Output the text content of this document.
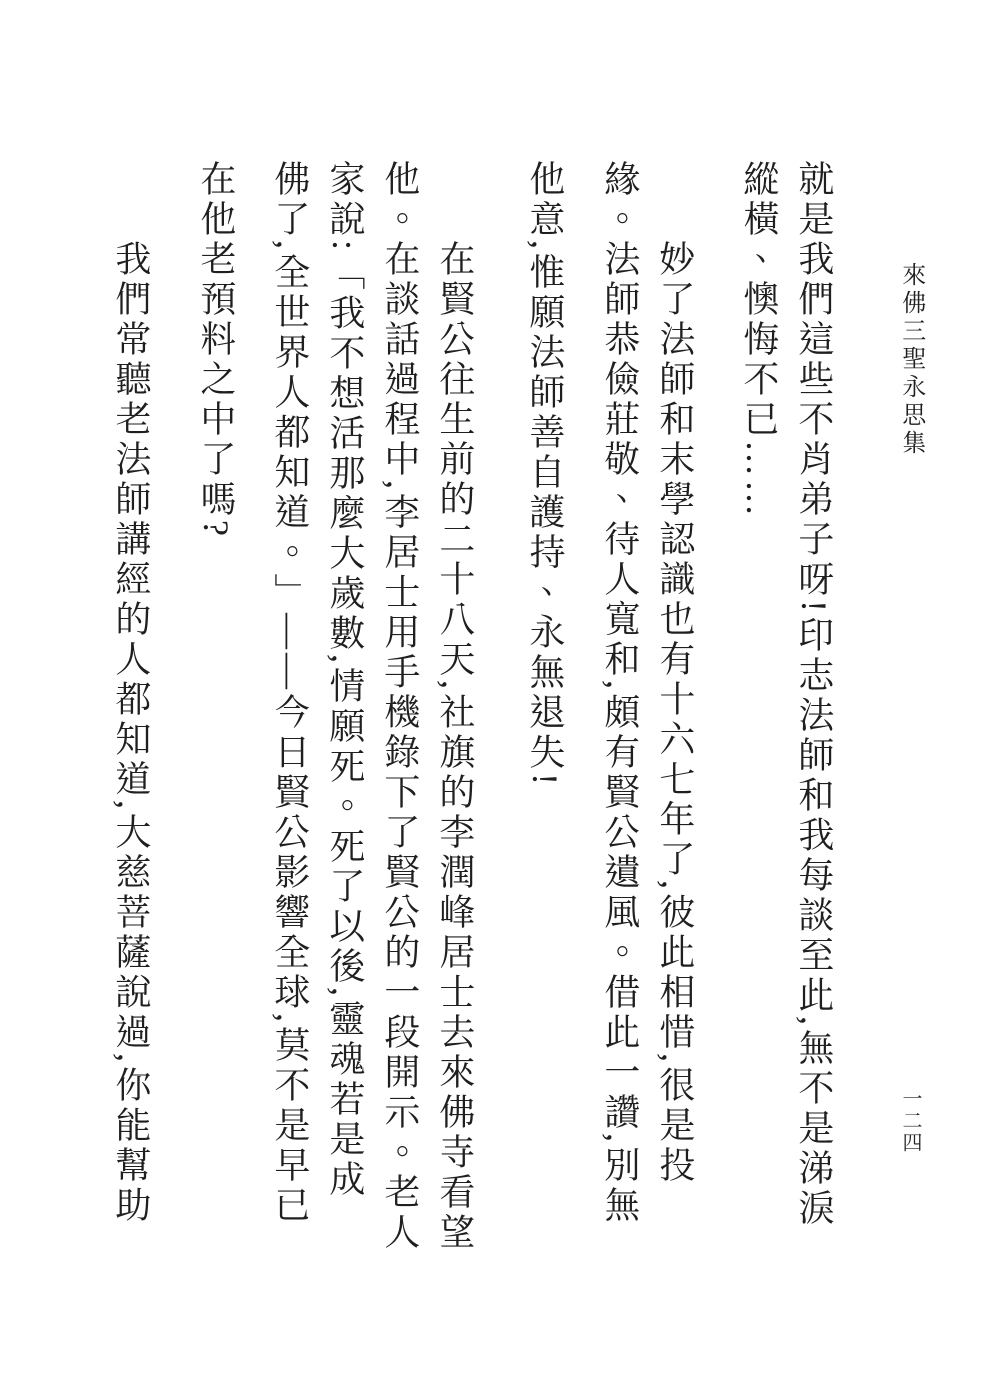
來佛三聖永思集
一二四
就是我們這些不肖弟子呀!印志法師和我每談至此,無不是涕淚
縱橫、懊悔不已……
妙了法師和末學認識也有十六七年了,彼此相惜,很是投
緣。法師恭儉莊敬、待人寬和,頗有賢公遺風。借此一讚,別無
他意,惟願法師善自護持、永無退失!
在賢公往生前的二十八天,社旗的李潤峰居士去來佛寺看望
他。在談話過程中,李居士用手機錄下了賢公的一段開示。老人
家說:「我不想活那麼大歲數,情願死。死了以後,靈魂若是成
佛了,全世界人都知道。」——今日賢公影響全球,莫不是早已
在他老預料之中了嗎?
我們常聽老法師講經的人都知道,大慈菩薩說過,你能幫助
